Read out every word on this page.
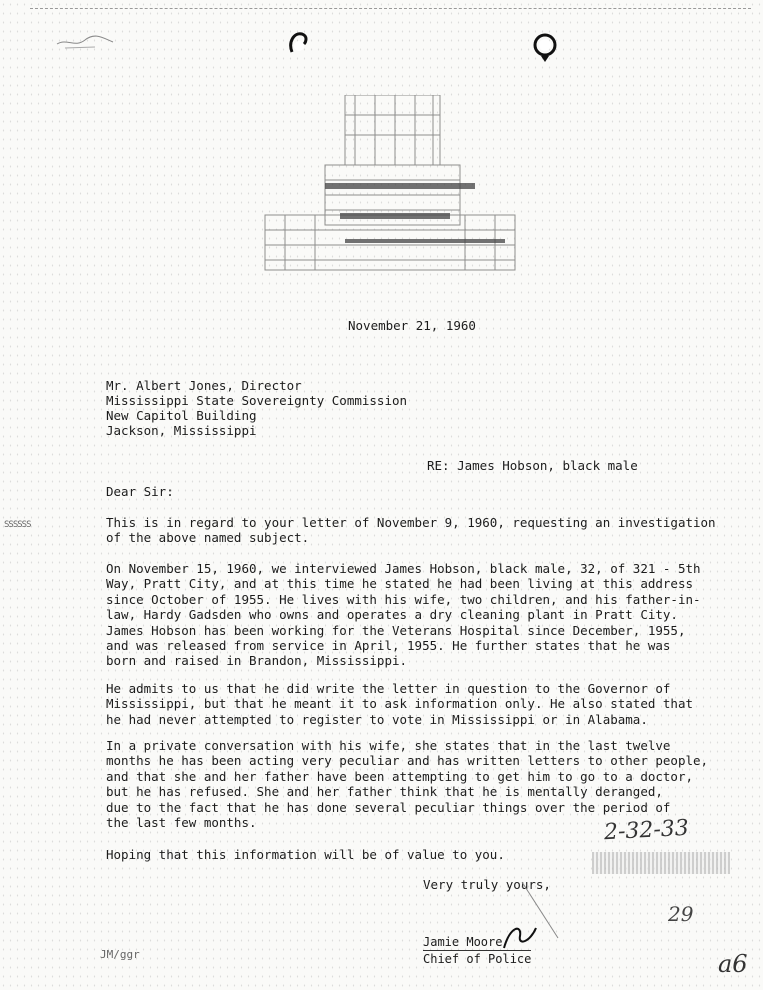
November 21, 1960
Mr. Albert Jones, Director
Mississippi State Sovereignty Commission
New Capitol Building
Jackson, Mississippi
RE: James Hobson, black male
Dear Sir:
This is in regard to your letter of November 9, 1960, requesting an investigation
of the above named subject.
On November 15, 1960, we interviewed James Hobson, black male, 32, of 321 - 5th
Way, Pratt City, and at this time he stated he had been living at this address
since October of 1955. He lives with his wife, two children, and his father-in-
law, Hardy Gadsden who owns and operates a dry cleaning plant in Pratt City.
James Hobson has been working for the Veterans Hospital since December, 1955,
and was released from service in April, 1955. He further states that he was
born and raised in Brandon, Mississippi.
He admits to us that he did write the letter in question to the Governor of
Mississippi, but that he meant it to ask information only. He also stated that
he had never attempted to register to vote in Mississippi or in Alabama.
In a private conversation with his wife, she states that in the last twelve
months he has been acting very peculiar and has written letters to other people,
and that she and her father have been attempting to get him to go to a doctor,
but he has refused. She and her father think that he is mentally deranged,
due to the fact that he has done several peculiar things over the period of
the last few months.
Hoping that this information will be of value to you.
Very truly yours,
Jamie Moore
Chief of Police
JM/ggr
SSSSSS
2-32-33
29
a6
